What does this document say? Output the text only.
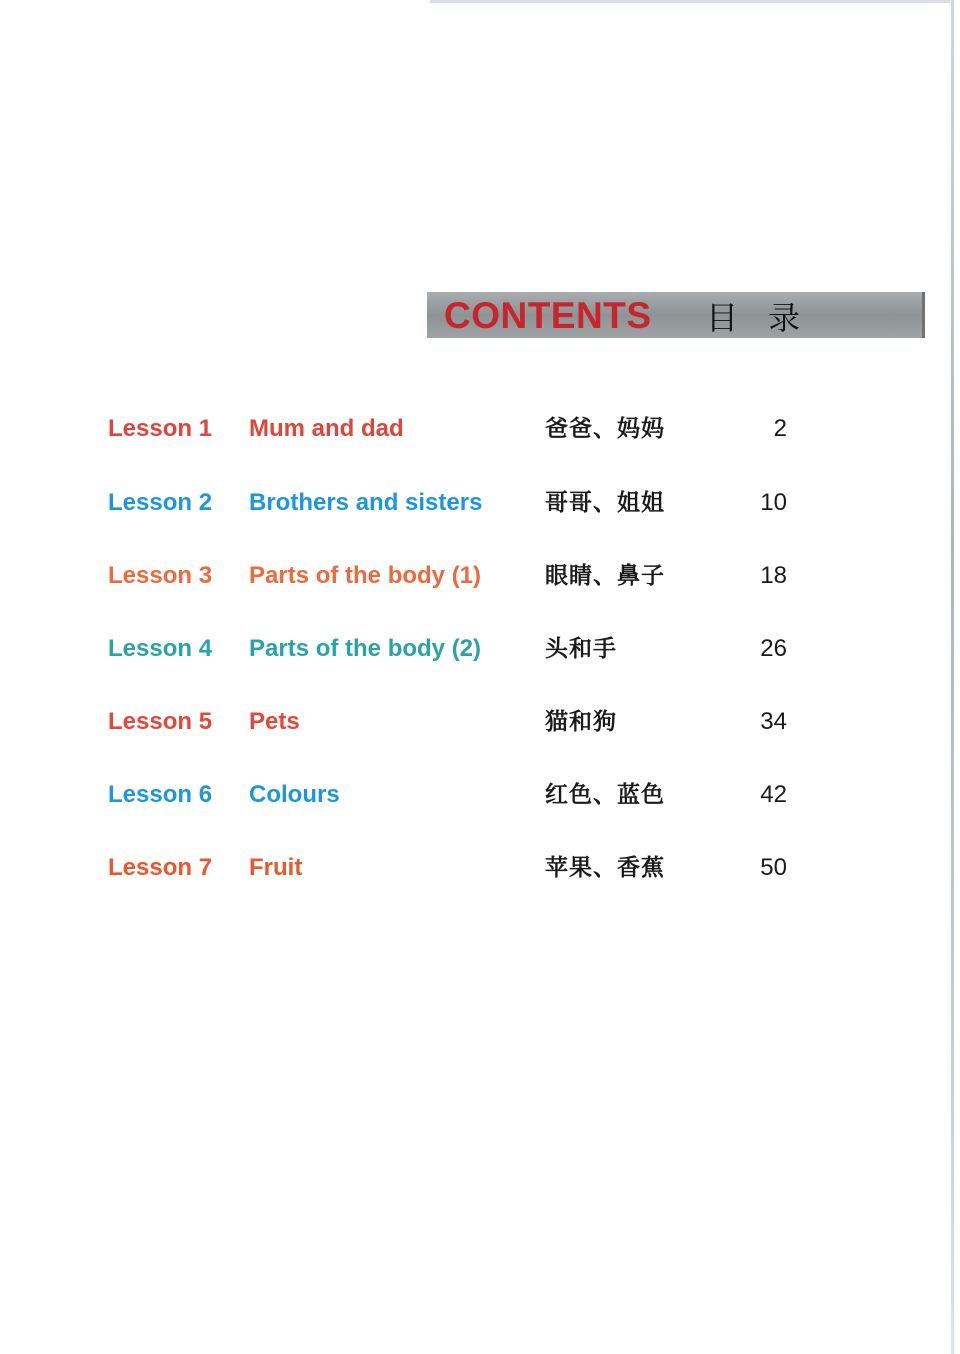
CONTENTS 目 录
Lesson 1 Mum and dad	爸爸、妈妈	2
Lesson 2 Brothers and sisters	哥哥、姐姐	10
Lesson 3 Parts of the body (1)	眼睛、鼻子	18
Lesson 4 Parts of the body (2)	头和手	26
Lesson 5 Pets	猫和狗	34
Lesson 6 Colours	红色、蓝色	42
Lesson 7 Fruit	苹果、香蕉	50
